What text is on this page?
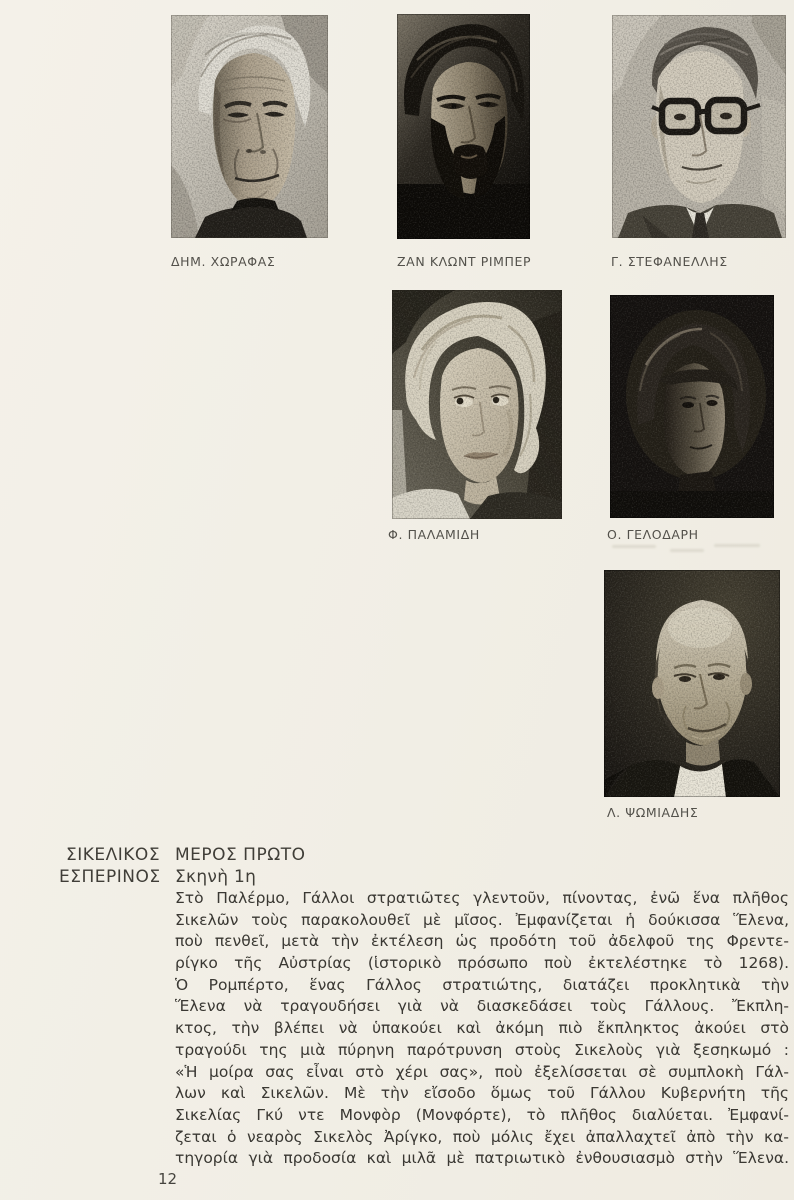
ΔΗΜ. ΧΩΡΑΦΑΣ	ΖΑΝ ΚΛΩΝΤ ΡΙΜΠΕΡ	Γ. ΣΤΕΦΑΝΕΛΛΗΣ
Φ. ΠΑΛΑΜΙΔΗ	Ο. ΓΕΛΟΔΑΡΗ
Λ. ΨΩΜΙΑΔΗΣ
ΣΙΚΕΛΙΚΟΣ
ΕΣΠΕΡΙΝΟΣ
ΜΕΡΟΣ ΠΡΩΤΟ
Σκηνὴ 1η
Στὸ Παλέρμο, Γάλλοι στρατιῶτες γλεντοῦν, πίνοντας, ἐνῶ ἕνα πλῆθος
Σικελῶν τοὺς παρακολουθεῖ μὲ μῖσος. Ἐμφανίζεται ἡ δούκισσα Ἕλενα,
ποὺ πενθεῖ, μετὰ τὴν ἐκτέλεση ὡς προδότη τοῦ ἀδελφοῦ της Φρεντε-
ρίγκο τῆς Αὐστρίας (ἱστορικὸ πρόσωπο ποὺ ἐκτελέστηκε τὸ 1268).
Ὁ Ρομπέρτο, ἕνας Γάλλος στρατιώτης, διατάζει προκλητικὰ τὴν
Ἕλενα νὰ τραγουδήσει γιὰ νὰ διασκεδάσει τοὺς Γάλλους. Ἔκπλη-
κτος, τὴν βλέπει νὰ ὑπακούει καὶ ἀκόμη πιὸ ἔκπληκτος ἀκούει στὸ
τραγούδι της μιὰ πύρηνη παρότρυνση στοὺς Σικελοὺς γιὰ ξεσηκωμό :
«Ἡ μοίρα σας εἶναι στὸ χέρι σας», ποὺ ἐξελίσσεται σὲ συμπλοκὴ Γάλ-
λων καὶ Σικελῶν. Μὲ τὴν εἴσοδο ὅμως τοῦ Γάλλου Κυβερνήτη τῆς
Σικελίας Γκύ ντε Μονφὸρ (Μονφόρτε), τὸ πλῆθος διαλύεται. Ἐμφανί-
ζεται ὁ νεαρὸς Σικελὸς Ἀρίγκο, ποὺ μόλις ἔχει ἀπαλλαχτεῖ ἀπὸ τὴν κα-
τηγορία γιὰ προδοσία καὶ μιλᾶ μὲ πατριωτικὸ ἐνθουσιασμὸ στὴν Ἕλενα.
12
